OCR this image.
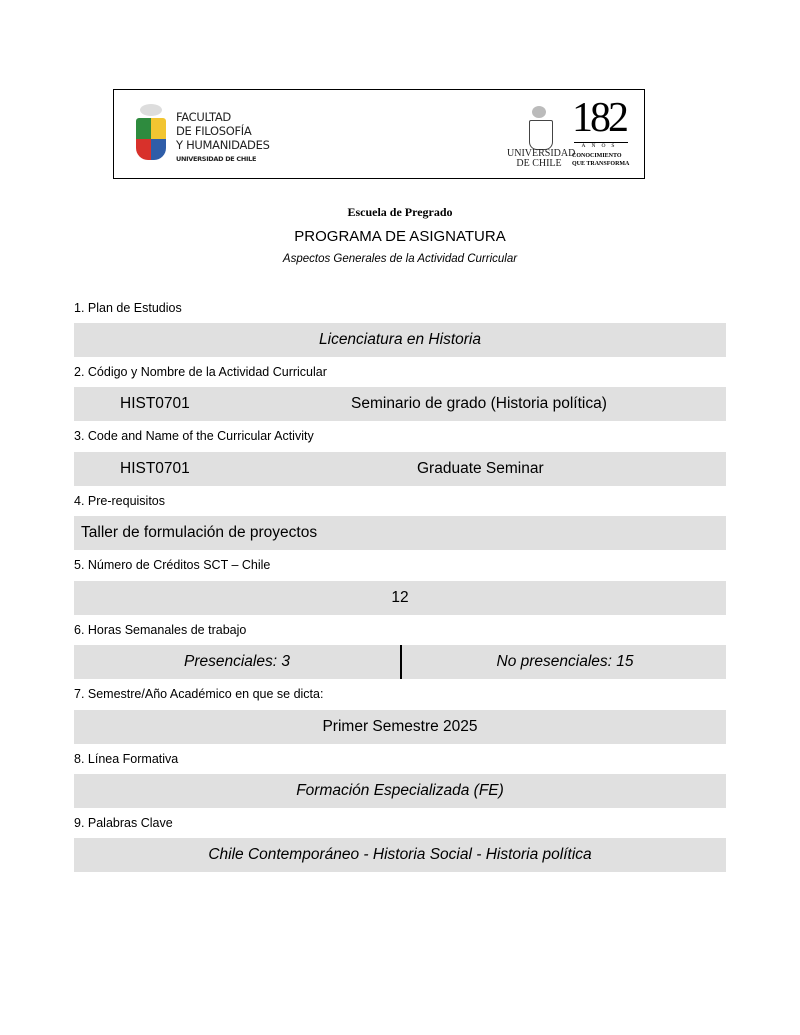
FACULTAD
DE FILOSOFÍA
Y HUMANIDADES
UNIVERSIDAD DE CHILE	UNIVERSIDAD
DE CHILE
182
AÑOS
CONOCIMIENTO
QUE TRANSFORMA
Escuela de Pregrado
PROGRAMA DE ASIGNATURA
Aspectos Generales de la Actividad Curricular
1. Plan de Estudios
Licenciatura en Historia
2. Código y Nombre de la Actividad Curricular
HIST0701	Seminario de grado (Historia política)
3. Code and Name of the Curricular Activity
HIST0701	Graduate Seminar
4. Pre-requisitos
Taller de formulación de proyectos
5. Número de Créditos SCT – Chile
12
6. Horas Semanales de trabajo
Presenciales: 3	No presenciales: 15
7. Semestre/Año Académico en que se dicta:
Primer Semestre 2025
8. Línea Formativa
Formación Especializada (FE)
9. Palabras Clave
Chile Contemporáneo - Historia Social - Historia política
